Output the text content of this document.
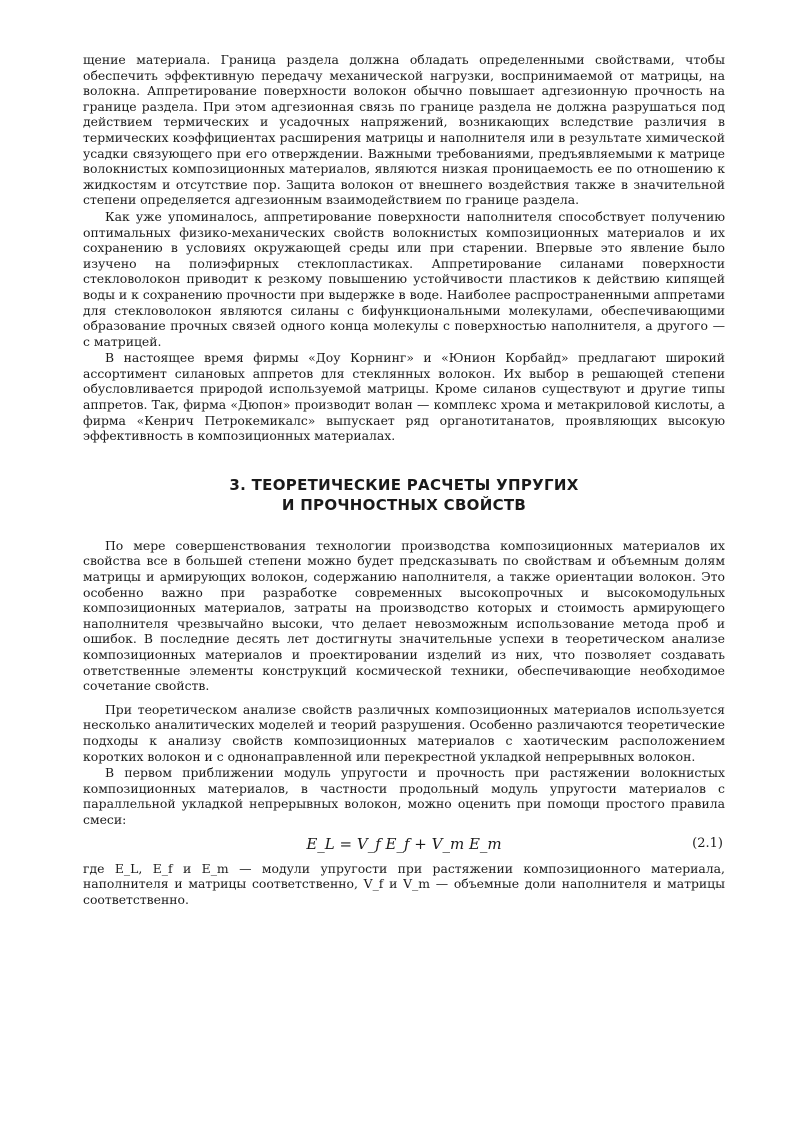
щение материала. Граница раздела должна обладать определенными свойствами, чтобы обеспечить эффективную передачу механической нагрузки, воспринимаемой от матрицы, на волокна. Аппретирование поверхности волокон обычно повышает адгезионную прочность на границе раздела. При этом адгезионная связь по границе раздела не должна разрушаться под действием термических и усадочных напряжений, возникающих вследствие различия в термических коэффициентах расширения матрицы и наполнителя или в результате химической усадки связующего при его отверждении. Важными требованиями, предъявляемыми к матрице волокнистых композиционных материалов, являются низкая проницаемость ее по отношению к жидкостям и отсутствие пор. Защита волокон от внешнего воздействия также в значительной степени определяется адгезионным взаимодействием по границе раздела.

Как уже упоминалось, аппретирование поверхности наполнителя способствует получению оптимальных физико-механических свойств волокнистых композиционных материалов и их сохранению в условиях окружающей среды или при старении. Впервые это явление было изучено на полиэфирных стеклопластиках. Аппретирование силанами поверхности стекловолокон приводит к резкому повышению устойчивости пластиков к действию кипящей воды и к сохранению прочности при выдержке в воде. Наиболее распространенными аппретами для стекловолокон являются силаны с бифункциональными молекулами, обеспечивающими образование прочных связей одного конца молекулы с поверхностью наполнителя, а другого — с матрицей.

В настоящее время фирмы «Доу Корнинг» и «Юнион Корбайд» предлагают широкий ассортимент силановых аппретов для стеклянных волокон. Их выбор в решающей степени обусловливается природой используемой матрицы. Кроме силанов существуют и другие типы аппретов. Так, фирма «Дюпон» производит волан — комплекс хрома и метакриловой кислоты, а фирма «Кенрич Петрокемикалс» выпускает ряд органотитанатов, проявляющих высокую эффективность в композиционных материалах.

3. ТЕОРЕТИЧЕСКИЕ РАСЧЕТЫ УПРУГИХ
И ПРОЧНОСТНЫХ СВОЙСТВ

По мере совершенствования технологии производства композиционных материалов их свойства все в большей степени можно будет предсказывать по свойствам и объемным долям матрицы и армирующих волокон, содержанию наполнителя, а также ориентации волокон. Это особенно важно при разработке современных высокопрочных и высокомодульных композиционных материалов, затраты на производство которых и стоимость армирующего наполнителя чрезвычайно высоки, что делает невозможным использование метода проб и ошибок. В последние десять лет достигнуты значительные успехи в теоретическом анализе композиционных материалов и проектировании изделий из них, что позволяет создавать ответственные элементы конструкций космической техники, обеспечивающие необходимое сочетание свойств.

При теоретическом анализе свойств различных композиционных материалов используется несколько аналитических моделей и теорий разрушения. Особенно различаются теоретические подходы к анализу свойств композиционных материалов с хаотическим расположением коротких волокон и с однонаправленной или перекрестной укладкой непрерывных волокон.

В первом приближении модуль упругости и прочность при растяжении волокнистых композиционных материалов, в частности продольный модуль упругости материалов с параллельной укладкой непрерывных волокон, можно оценить при помощи простого правила смеси:

E_L = V_f E_f + V_m E_m	(2.1)

где E_L, E_f и E_m — модули упругости при растяжении композиционного материала, наполнителя и матрицы соответственно, V_f и V_m — объемные доли наполнителя и матрицы соответственно.
